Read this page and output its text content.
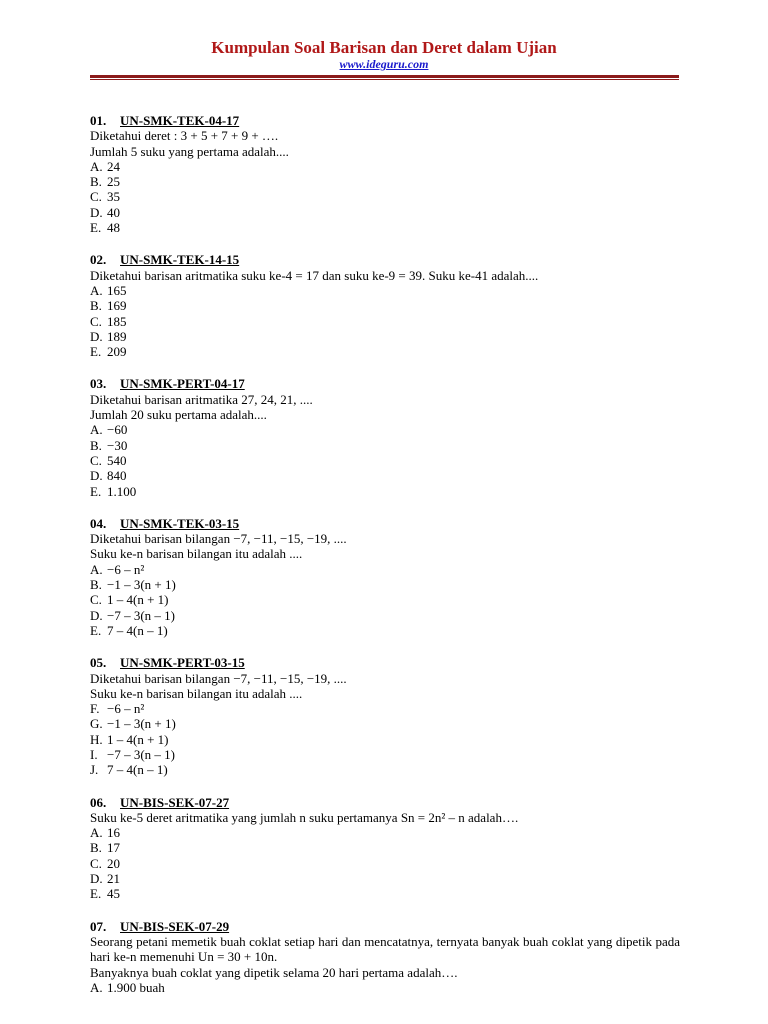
Kumpulan Soal Barisan dan Deret dalam Ujian
www.ideguru.com
01. UN-SMK-TEK-04-17
Diketahui deret : 3 + 5 + 7 + 9 + ….
Jumlah 5 suku yang pertama adalah....
A. 24
B. 25
C. 35
D. 40
E. 48
02. UN-SMK-TEK-14-15
Diketahui barisan aritmatika suku ke-4 = 17 dan suku ke-9 = 39. Suku ke-41 adalah....
A. 165
B. 169
C. 185
D. 189
E. 209
03. UN-SMK-PERT-04-17
Diketahui barisan aritmatika 27, 24, 21, ....
Jumlah 20 suku pertama adalah....
A. −60
B. −30
C. 540
D. 840
E. 1.100
04. UN-SMK-TEK-03-15
Diketahui barisan bilangan −7, −11, −15, −19, ....
Suku ke-n barisan bilangan itu adalah ....
A. −6 – n²
B. −1 – 3(n + 1)
C. 1 – 4(n + 1)
D. −7 – 3(n – 1)
E. 7 – 4(n – 1)
05. UN-SMK-PERT-03-15
Diketahui barisan bilangan −7, −11, −15, −19, ....
Suku ke-n barisan bilangan itu adalah ....
F. −6 – n²
G. −1 – 3(n + 1)
H. 1 – 4(n + 1)
I. −7 – 3(n – 1)
J. 7 – 4(n – 1)
06. UN-BIS-SEK-07-27
Suku ke-5 deret aritmatika yang jumlah n suku pertamanya Sn = 2n² – n adalah….
A. 16
B. 17
C. 20
D. 21
E. 45
07. UN-BIS-SEK-07-29
Seorang petani memetik buah coklat setiap hari dan mencatatnya, ternyata banyak buah coklat yang dipetik pada hari ke-n memenuhi Un = 30 + 10n.
Banyaknya buah coklat yang dipetik selama 20 hari pertama adalah….
A. 1.900 buah
